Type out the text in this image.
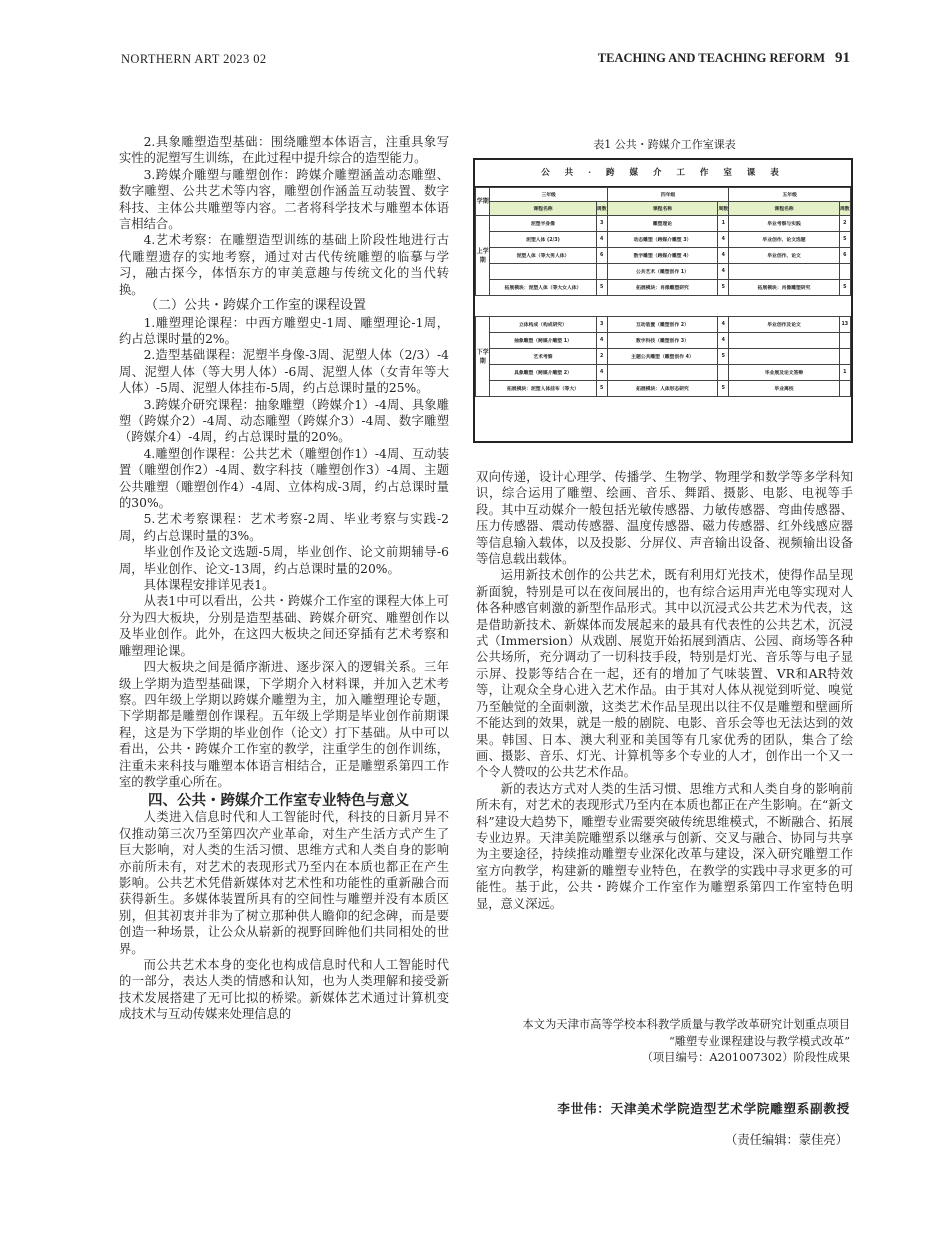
NORTHERN ART 2023 02	TEACHING AND TEACHING REFORM 91

2.具象雕塑造型基础：围绕雕塑本体语言，注重具象写实性的泥塑写生训练，在此过程中提升综合的造型能力。

3.跨媒介雕塑与雕塑创作：跨媒介雕塑涵盖动态雕塑、数字雕塑、公共艺术等内容，雕塑创作涵盖互动装置、数字科技、主体公共雕塑等内容。二者将科学技术与雕塑本体语言相结合。

4.艺术考察：在雕塑造型训练的基础上阶段性地进行古代雕塑遗存的实地考察，通过对古代传统雕塑的临摹与学习，融古探今，体悟东方的审美意趣与传统文化的当代转换。

（二）公共・跨媒介工作室的课程设置

1.雕塑理论课程：中西方雕塑史-1周、雕塑理论-1周，约占总课时量的2%。

2.造型基础课程：泥塑半身像-3周、泥塑人体（2/3）-4周、泥塑人体（等大男人体）-6周、泥塑人体（女青年等大人体）-5周、泥塑人体挂布-5周，约占总课时量的25%。

3.跨媒介研究课程：抽象雕塑（跨媒介1）-4周、具象雕塑（跨媒介2）-4周、动态雕塑（跨媒介3）-4周、数字雕塑（跨媒介4）-4周，约占总课时量的20%。

4.雕塑创作课程：公共艺术（雕塑创作1）-4周、互动装置（雕塑创作2）-4周、数字科技（雕塑创作3）-4周、主题公共雕塑（雕塑创作4）-4周、立体构成-3周，约占总课时量的30%。

5.艺术考察课程：艺术考察-2周、毕业考察与实践-2周，约占总课时量的3%。

毕业创作及论文选题-5周，毕业创作、论文前期辅导-6周，毕业创作、论文-13周，约占总课时量的20%。

具体课程安排详见表1。

从表1中可以看出，公共・跨媒介工作室的课程大体上可分为四大板块，分别是造型基础、跨媒介研究、雕塑创作以及毕业创作。此外，在这四大板块之间还穿插有艺术考察和雕塑理论课。

四大板块之间是循序渐进、逐步深入的逻辑关系。三年级上学期为造型基础课，下学期介入材料课，并加入艺术考察。四年级上学期以跨媒介雕塑为主，加入雕塑理论专题，下学期都是雕塑创作课程。五年级上学期是毕业创作前期课程，这是为下学期的毕业创作（论文）打下基础。从中可以看出，公共・跨媒介工作室的教学，注重学生的创作训练，注重未来科技与雕塑本体语言相结合，正是雕塑系第四工作室的教学重心所在。

四、公共・跨媒介工作室专业特色与意义

人类进入信息时代和人工智能时代，科技的日新月异不仅推动第三次乃至第四次产业革命，对生产生活方式产生了巨大影响，对人类的生活习惯、思维方式和人类自身的影响亦前所未有，对艺术的表现形式乃至内在本质也都正在产生影响。公共艺术凭借新媒体对艺术性和功能性的重新融合而获得新生。多媒体装置所具有的空间性与雕塑并没有本质区别，但其初衷并非为了树立那种供人瞻仰的纪念碑，而是要创造一种场景，让公众从崭新的视野回眸他们共同相处的世界。

而公共艺术本身的变化也构成信息时代和人工智能时代的一部分，表达人类的情感和认知，也为人类理解和接受新技术发展搭建了无可比拟的桥梁。新媒体艺术通过计算机变成技术与互动传媒来处理信息的

表1 公共・跨媒介工作室课表
公 共 · 跨 媒 介 工 作 室 课 表
学期	三年级		四年级		五年级	
	课程名称	周数	课程名称	周数	课程名称	周数
上学期	泥塑半身像	3	雕塑理论	1	毕业考察与实践	2
	泥塑人体 (2/3)	4	动态雕塑（跨媒介雕塑 3）	4	毕业创作、论文选题	5
	泥塑人体（等大男人体）	6	数字雕塑（跨媒介雕塑 4）	4	毕业创作、论文	6
			公共艺术（雕塑创作 1）	4		
	拓展模块：泥塑人体（等大女人体）	5	拓展模块：肖像雕塑研究	5	拓展模块：肖像雕塑研究	5

下学期	立体构成（构成研究）	3	互动装置（雕塑创作 2）	4	毕业创作及论文	13
	抽象雕塑（跨媒介雕塑 1）	4	数字科技（雕塑创作 3）	4		
	艺术考察	2	主题公共雕塑（雕塑创作 4）	5		
	具象雕塑（跨媒介雕塑 2）	4			毕业展及论文答辩	1
	拓展模块：泥塑人体挂布（等大）	5	拓展模块：人体形态研究	5	毕业离校	

双向传递，设计心理学、传播学、生物学、物理学和数学等多学科知识，综合运用了雕塑、绘画、音乐、舞蹈、摄影、电影、电视等手段。其中互动媒介一般包括光敏传感器、力敏传感器、弯曲传感器、压力传感器、震动传感器、温度传感器、磁力传感器、红外线感应器等信息输入载体，以及投影、分屏仪、声音输出设备、视频输出设备等信息载出载体。

运用新技术创作的公共艺术，既有利用灯光技术，使得作品呈现新面貌，特别是可以在夜间展出的，也有综合运用声光电等实现对人体各种感官刺激的新型作品形式。其中以沉浸式公共艺术为代表，这是借助新技术、新媒体而发展起来的最具有代表性的公共艺术，沉浸式（Immersion）从戏剧、展览开始拓展到酒店、公园、商场等各种公共场所，充分调动了一切科技手段，特别是灯光、音乐等与电子显示屏、投影等结合在一起，还有的增加了气味装置、VR和AR特效等，让观众全身心进入艺术作品。由于其对人体从视觉到听觉、嗅觉乃至触觉的全面刺激，这类艺术作品呈现出以往不仅是雕塑和壁画所不能达到的效果，就是一般的剧院、电影、音乐会等也无法达到的效果。韩国、日本、澳大利亚和美国等有几家优秀的团队，集合了绘画、摄影、音乐、灯光、计算机等多个专业的人才，创作出一个又一个令人赞叹的公共艺术作品。

新的表达方式对人类的生活习惯、思维方式和人类自身的影响前所未有，对艺术的表现形式乃至内在本质也都正在产生影响。在“新文科”建设大趋势下，雕塑专业需要突破传统思维模式，不断融合、拓展专业边界。天津美院雕塑系以继承与创新、交叉与融合、协同与共享为主要途径，持续推动雕塑专业深化改革与建设，深入研究雕塑工作室方向教学，构建新的雕塑专业特色，在教学的实践中寻求更多的可能性。基于此，公共・跨媒介工作室作为雕塑系第四工作室特色明显，意义深远。

本文为天津市高等学校本科教学质量与教学改革研究计划重点项目
“雕塑专业课程建设与教学模式改革”
（项目编号：A201007302）阶段性成果
李世伟：天津美术学院造型艺术学院雕塑系副教授
（责任编辑：蒙佳亮）
